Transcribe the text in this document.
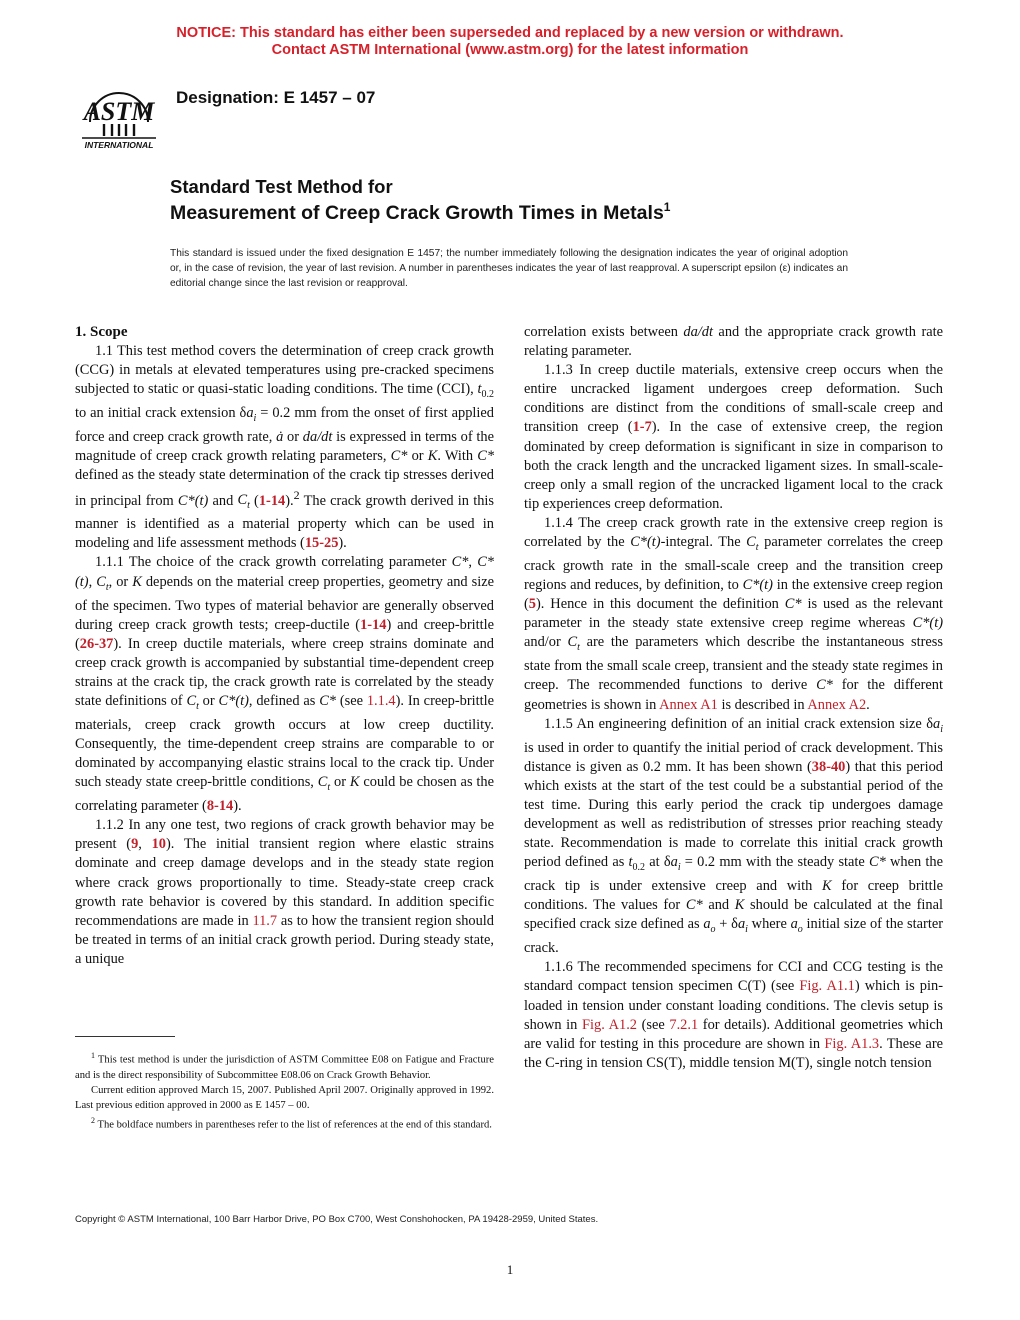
NOTICE: This standard has either been superseded and replaced by a new version or withdrawn.
Contact ASTM International (www.astm.org) for the latest information
ASTM
INTERNATIONAL
Designation: E 1457 – 07
Standard Test Method for
Measurement of Creep Crack Growth Times in Metals$^1$
This standard is issued under the fixed designation E 1457; the number immediately following the designation indicates the year of original adoption or, in the case of revision, the year of last revision. A number in parentheses indicates the year of last reapproval. A superscript epsilon (ε) indicates an editorial change since the last revision or reapproval.

1. Scope

1.1 This test method covers the determination of creep crack growth (CCG) in metals at elevated temperatures using pre-cracked specimens subjected to static or quasi-static loading conditions. The time (CCI), $t_{0.2}$ to an initial crack extension $\delta a_i = 0.2$ mm from the onset of first applied force and creep crack growth rate, ȧ or da/dt is expressed in terms of the magnitude of creep crack growth relating parameters, C* or K. With C* defined as the steady state determination of the crack tip stresses derived in principal from C*(t) and $C_t$ (1-14).$^2$ The crack growth derived in this manner is identified as a material property which can be used in modeling and life assessment methods (15-25).

1.1.1 The choice of the crack growth correlating parameter C*, C*(t), $C_t$, or K depends on the material creep properties, geometry and size of the specimen. Two types of material behavior are generally observed during creep crack growth tests; creep-ductile (1-14) and creep-brittle (26-37). In creep ductile materials, where creep strains dominate and creep crack growth is accompanied by substantial time-dependent creep strains at the crack tip, the crack growth rate is correlated by the steady state definitions of $C_t$ or C*(t), defined as C* (see 1.1.4). In creep-brittle materials, creep crack growth occurs at low creep ductility. Consequently, the time-dependent creep strains are comparable to or dominated by accompanying elastic strains local to the crack tip. Under such steady state creep-brittle conditions, $C_t$ or K could be chosen as the correlating parameter (8-14).

1.1.2 In any one test, two regions of crack growth behavior may be present (9, 10). The initial transient region where elastic strains dominate and creep damage develops and in the steady state region where crack grows proportionally to time. Steady-state creep crack growth rate behavior is covered by this standard. In addition specific recommendations are made in 11.7 as to how the transient region should be treated in terms of an initial crack growth period. During steady state, a unique

correlation exists between da/dt and the appropriate crack growth rate relating parameter.

1.1.3 In creep ductile materials, extensive creep occurs when the entire uncracked ligament undergoes creep deformation. Such conditions are distinct from the conditions of small-scale creep and transition creep (1-7). In the case of extensive creep, the region dominated by creep deformation is significant in size in comparison to both the crack length and the uncracked ligament sizes. In small-scale-creep only a small region of the uncracked ligament local to the crack tip experiences creep deformation.

1.1.4 The creep crack growth rate in the extensive creep region is correlated by the C*(t)-integral. The $C_t$ parameter correlates the creep crack growth rate in the small-scale creep and the transition creep regions and reduces, by definition, to C*(t) in the extensive creep region (5). Hence in this document the definition C* is used as the relevant parameter in the steady state extensive creep regime whereas C*(t) and/or $C_t$ are the parameters which describe the instantaneous stress state from the small scale creep, transient and the steady state regimes in creep. The recommended functions to derive C* for the different geometries is shown in Annex A1 is described in Annex A2.

1.1.5 An engineering definition of an initial crack extension size $\delta a_i$ is used in order to quantify the initial period of crack development. This distance is given as 0.2 mm. It has been shown (38-40) that this period which exists at the start of the test could be a substantial period of the test time. During this early period the crack tip undergoes damage development as well as redistribution of stresses prior reaching steady state. Recommendation is made to correlate this initial crack growth period defined as $t_{0.2}$ at $\delta a_i = 0.2$ mm with the steady state C* when the crack tip is under extensive creep and with K for creep brittle conditions. The values for C* and K should be calculated at the final specified crack size defined as $a_o + \delta a_i$ where $a_o$ initial size of the starter crack.

1.1.6 The recommended specimens for CCI and CCG testing is the standard compact tension specimen C(T) (see Fig. A1.1) which is pin-loaded in tension under constant loading conditions. The clevis setup is shown in Fig. A1.2 (see 7.2.1 for details). Additional geometries which are valid for testing in this procedure are shown in Fig. A1.3. These are the C-ring in tension CS(T), middle tension M(T), single notch tension

$^1$ This test method is under the jurisdiction of ASTM Committee E08 on Fatigue and Fracture and is the direct responsibility of Subcommittee E08.06 on Crack Growth Behavior.

Current edition approved March 15, 2007. Published April 2007. Originally approved in 1992. Last previous edition approved in 2000 as E 1457 – 00.

$^2$ The boldface numbers in parentheses refer to the list of references at the end of this standard.

Copyright © ASTM International, 100 Barr Harbor Drive, PO Box C700, West Conshohocken, PA 19428-2959, United States.
1
